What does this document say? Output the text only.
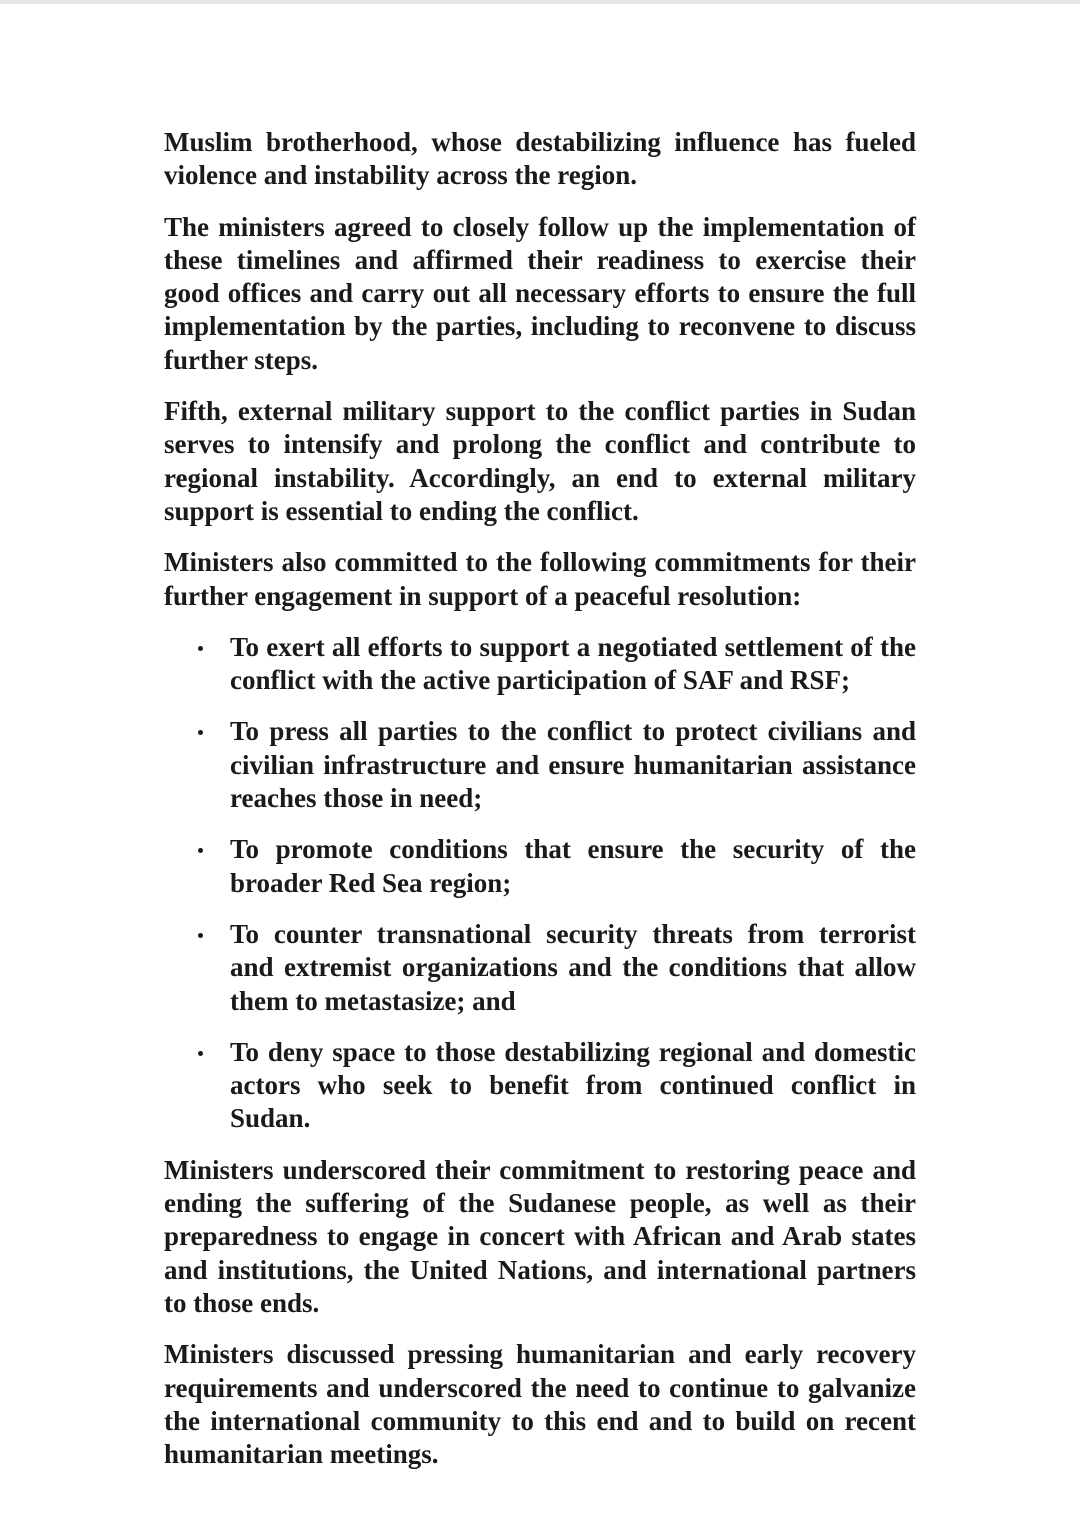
Muslim brotherhood, whose destabilizing influence has fueled violence and instability across the region.

The ministers agreed to closely follow up the implementation of these timelines and affirmed their readiness to exercise their good offices and carry out all necessary efforts to ensure the full implementation by the parties, including to reconvene to discuss further steps.

Fifth, external military support to the conflict parties in Sudan serves to intensify and prolong the conflict and contribute to regional instability. Accordingly, an end to external military support is essential to ending the conflict.

Ministers also committed to the following commitments for their further engagement in support of a peaceful resolution:

To exert all efforts to support a negotiated settlement of the conflict with the active participation of SAF and RSF;
To press all parties to the conflict to protect civilians and civilian infrastructure and ensure humanitarian assistance reaches those in need;
To promote conditions that ensure the security of the broader Red Sea region;
To counter transnational security threats from terrorist and extremist organizations and the conditions that allow them to metastasize; and
To deny space to those destabilizing regional and domestic actors who seek to benefit from continued conflict in Sudan.

Ministers underscored their commitment to restoring peace and ending the suffering of the Sudanese people, as well as their preparedness to engage in concert with African and Arab states and institutions, the United Nations, and international partners to those ends.

Ministers discussed pressing humanitarian and early recovery requirements and underscored the need to continue to galvanize the international community to this end and to build on recent humanitarian meetings.
